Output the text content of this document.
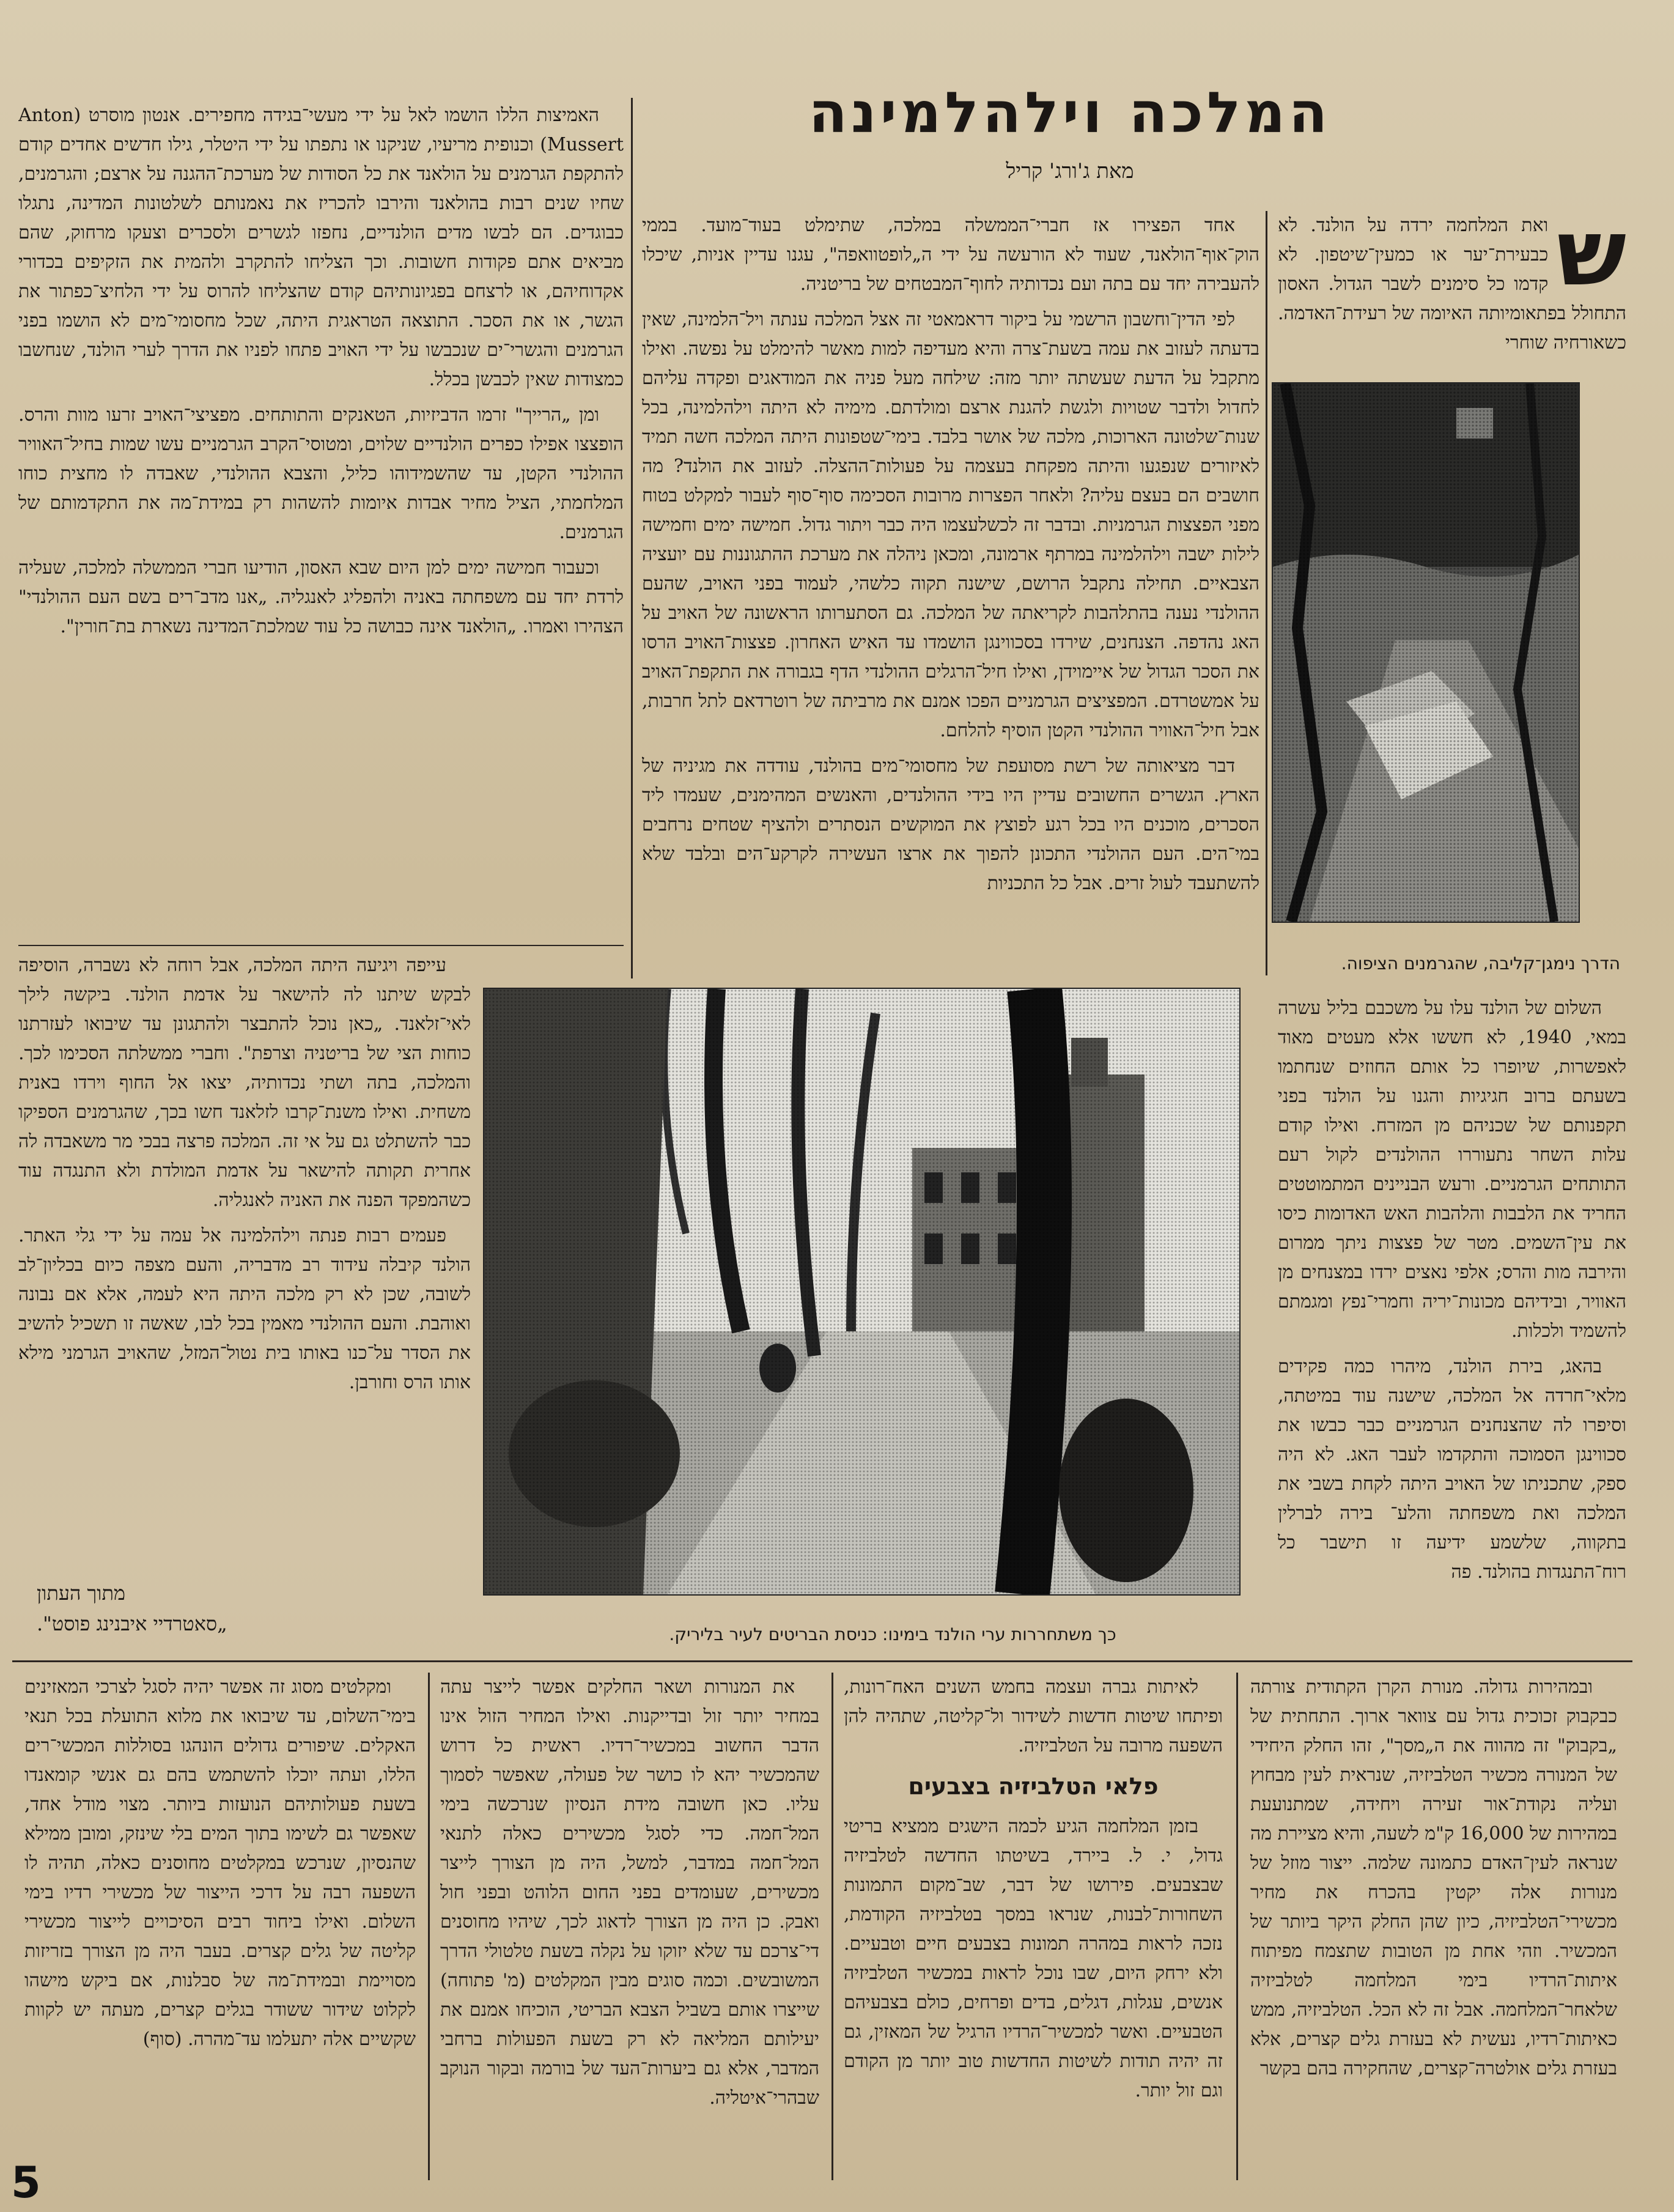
המלכה וילהלמינה
מאת ג'ורג' קריל
ש
ואת המלחמה ירדה על הולנד. לא כבעירת־יער או כמעין־שיטפון. לא קדמו כל סימנים לשבר הגדול. האסון התחולל בפתאומיותה האיומה של רעידת־האדמה. כשאורחיה שוחרי
הדרך נימגן־קליבה, שהגרמנים הציפוה.

השלום של הולנד עלו על משכבם בליל עשרה במאי, 1940, לא חששו אלא מעטים מאוד לאפשרות, שיופרו כל אותם החוזים שנחתמו בשעתם ברוב חגיגיות והגנו על הולנד בפני תקפנותם של שכניהם מן המזרח. ואילו קודם עלות השחר נתעוררו ההולנדים לקול רעם התותחים הגרמניים. ורעש הבניינים המתמוטטים החריד את הלבבות והלהבות האש האדומות כיסו את עין־השמים. מטר של פצצות ניתך ממרום והירבה מות והרס; אלפי נאצים ירדו במצנחים מן האוויר, ובידיהם מכונות־יריה וחמרי־נפץ ומגמתם להשמיד ולכלות.

בהאג, בירת הולנד, מיהרו כמה פקידים מלאי־חרדה אל המלכה, שישנה עוד במיטתה, וסיפרו לה שהצנחנים הגרמניים כבר כבשו את סכווינגן הסמוכה והתקדמו לעבר האג. לא היה ספק, שתכניתו של האויב היתה לקחת בשבי את המלכה ואת משפחתה והלע־ בירה לברלין בתקווה, שלשמע ידיעה זו תישבר כל רוח־התנגדות בהולנד. פה

אחד הפצירו אז חברי־הממשלה במלכה, שתימלט בעוד־מועד. בממי הוק־אוף־הולאנד, שעוד לא הורעשה על ידי ה„לופטוואפה", עגנו עדיין אניות, שיכלו להעבירה יחד עם בתה ועם נכדותיה לחוף־המבטחים של בריטניה.

לפי הדין־וחשבון הרשמי על ביקור דראמאטי זה אצל המלכה ענתה ויל־הלמינה, שאין בדעתה לעזוב את עמה בשעת־צרה והיא מעדיפה למות מאשר להימלט על נפשה. ואילו מתקבל על הדעת שעשתה יותר מזה: שילחה מעל פניה את המודאגים ופקדה עליהם לחדול ולדבר שטויות ולגשת להגנת ארצם ומולדתם. מימיה לא היתה וילהלמינה, בכל שנות־שלטונה הארוכות, מלכה של אושר בלבד. בימי־שטפונות היתה המלכה חשה תמיד לאיזורים שנפגעו והיתה מפקחת בעצמה על פעולות־ההצלה. לעזוב את הולנד? מה חושבים הם בעצם עליה? ולאחר הפצרות מרובות הסכימה סוף־סוף לעבור למקלט בטוח מפני הפצצות הגרמניות. ובדבר זה לכשלעצמו היה כבר ויתור גדול. חמישה ימים וחמישה לילות ישבה וילהלמינה במרתף ארמונה, ומכאן ניהלה את מערכת ההתגוננות עם יועציה הצבאיים. תחילה נתקבל הרושם, שישנה תקוה כלשהי, לעמוד בפני האויב, שהעם ההולנדי נענה בהתלהבות לקריאתה של המלכה. גם הסתערותו הראשונה של האויב על האג נהדפה. הצנחנים, שירדו בסכווינגן הושמדו עד האיש האחרון. פצצות־האויב הרסו את הסכר הגדול של איימוידן, ואילו חיל־הרגלים ההולנדי הדף בגבורה את התקפת־האויב על אמשטרדם. המפציצים הגרמניים הפכו אמנם את מרביתה של רוטרדאם לתל חרבות, אבל חיל־האוויר ההולנדי הקטן הוסיף להלחם.

דבר מציאותה של רשת מסועפת של מחסומי־מים בהולנד, עודדה את מגיניה של הארץ. הגשרים החשובים עדיין היו בידי ההולנדים, והאנשים המהימנים, שעמדו ליד הסכרים, מוכנים היו בכל רגע לפוצץ את המוקשים הנסתרים ולהציף שטחים נרחבים במי־הים. העם ההולנדי התכונן להפוך את ארצו העשירה לקרקע־הים ובלבד שלא להשתעבד לעול זרים. אבל כל התכניות

האמיצות הללו הושמו לאל על ידי מעשי־בגידה מחפירים. אנטון מוסרט (Anton Mussert) וכנופית מריעיו, שניקנו או נתפתו על ידי היטלר, גילו חדשים אחדים קודם להתקפת הגרמנים על הולאנד את כל הסודות של מערכת־ההגנה על ארצם; והגרמנים, שחיו שנים רבות בהולאנד והירבו להכריז את נאמנותם לשלטונות המדינה, נתגלו כבוגדים. הם לבשו מדים הולנדיים, נחפזו לגשרים ולסכרים וצעקו מרחוק, שהם מביאים אתם פקודות חשובות. וכך הצליחו להתקרב ולהמית את הזקיפים בכדורי אקדוחיהם, או לרצחם בפגיונותיהם קודם שהצליחו להרוס על ידי הלחיצ־כפתור את הגשר, או את הסכר. התוצאה הטראגית היתה, שכל מחסומי־מים לא הושמו בפני הגרמנים והגשרי־ים שנכבשו על ידי האויב פתחו לפניו את הדרך לערי הולנד, שנחשבו כמצודות שאין לכבשן בכלל.

ומן „הרייך" זרמו הדביזיות, הטאנקים והתותחים. מפציצי־האויב זרעו מוות והרס. הופצצו אפילו כפרים הולנדיים שלוים, ומטוסי־הקרב הגרמניים עשו שמות בחיל־האוויר ההולנדי הקטן, עד שהשמידוהו כליל, והצבא ההולנדי, שאבדה לו מחצית כוחו המלחמתי, הציל מחיר אבדות איומות להשהות רק במידת־מה את התקדמותם של הגרמנים.

וכעבור חמישה ימים למן היום שבא האסון, הודיעו חברי הממשלה למלכה, שעליה לרדת יחד עם משפחתה באניה ולהפליג לאנגליה. „אנו מדב־רים בשם העם ההולנדי" הצהירו ואמרו. „הולאנד אינה כבושה כל עוד שמלכת־המדינה נשארת בת־חורין".

עייפה ויגיעה היתה המלכה, אבל רוחה לא נשברה, הוסיפה לבקש שיתנו לה להישאר על אדמת הולנד. ביקשה לילך לאי־זלאנד. „כאן נוכל להתבצר ולהתגונן עד שיבואו לעזרתנו כוחות הצי של בריטניה וצרפת". וחברי ממשלתה הסכימו לכך. והמלכה, בתה ושתי נכדותיה, יצאו אל החוף וירדו באנית משחית. ואילו משנת־קרבו לזלאנד חשו בכך, שהגרמנים הספיקו כבר להשתלט גם על אי זה. המלכה פרצה בבכי מר משאבדה לה אחרית תקותה להישאר על אדמת המולדת ולא התנגדה עוד כשהמפקד הפנה את האניה לאנגליה.

פעמים רבות פנתה וילהלמינה אל עמה על ידי גלי האתר. הולנד קיבלה עידוד רב מדבריה, והעם מצפה כיום בכליון־לב לשובה, שכן לא רק מלכה היתה היא לעמה, אלא אם נבונה ואוהבת. והעם ההולנדי מאמין בכל לבו, שאשה זו תשכיל להשיב את הסדר על־כנו באותו בית נטול־המזל, שהאויב הגרמני מילא אותו הרס וחורבן.

מתוך העתון
„סאטרדיי איבנינג פוסט".	כך משתחררות ערי הולנד בימינו: כניסת הבריטים לעיר בליריק.

ובמהירות גדולה. מנורת הקרן הקתודית צורתה כבקבוק זכוכית גדול עם צוואר ארוך. התחתית של „בקבוק" זה מהווה את ה„מסך", זהו החלק היחידי של המנורה מכשיר הטלביזיה, שנראית לעין מבחוץ ועליה נקודת־אור זעירה ויחידה, שמתנועעת במהירות של 16,000 ק"מ לשעה, והיא מציירת מה שנראה לעין־האדם כתמונה שלמה. ייצור מוזל של מנורות אלה יקטין בהכרח את מחיר מכשירי־הטלביזיה, כיון שהן החלק היקר ביותר של המכשיר. וזהי אחת מן הטובות שתצמח מפיתוח איתות־הרדיו בימי המלחמה לטלביזיה שלאחר־המלחמה. אבל זה לא הכל. הטלביזיה, ממש כאיתות־רדיו, נעשית לא בעזרת גלים קצרים, אלא בעזרת גלים אולטרה־קצרים, שהחקירה בהם בקשר

לאיתות גברה ועצמה בחמש השנים האח־רונות, ופיתחו שיטות חדשות לשידור ול־קליטה, שתהיה להן השפעה מרובה על הטלביזיה.

פלאי הטלביזיה בצבעים

בזמן המלחמה הגיע לכמה הישגים ממציא בריטי גדול, י. ל. ביירד, בשיטתו החדשה לטלביזיה שבצבעים. פירושו של דבר, שב־מקום התמונות השחורות־לבנות, שנראו במסך בטלביזיה הקודמת, נזכה לראות במהרה תמונות בצבעים חיים וטבעיים. ולא ירחק היום, שבו נוכל לראות במכשיר הטלביזיה אנשים, עגלות, דגלים, בדים ופרחים, כולם בצבעיהם הטבעיים. ואשר למכשיר־הרדיו הרגיל של המאזין, גם זה יהיה תודות לשיטות החדשות טוב יותר מן הקודם וגם זול יותר.

את המנורות ושאר החלקים אפשר לייצר עתה במחיר יותר זול ובדייקנות. ואילו המחיר הזול אינו הדבר החשוב במכשיר־רדיו. ראשית כל דרוש שהמכשיר יהא לו כושר של פעולה, שאפשר לסמוך עליו. כאן חשובה מידת הנסיון שנרכשה בימי המל־חמה. כדי לסגל מכשירים כאלה לתנאי המל־חמה במדבר, למשל, היה מן הצורך לייצר מכשירים, שעומדים בפני החום הלוהט ובפני חול ואבק. כן היה מן הצורך לדאוג לכך, שיהיו מחוסנים די־צרכם עד שלא יזוקו על נקלה בשעת טלטולי הדרך המשובשים. וכמה סוגים מבין המקלטים (מ' פתוחה) שייצרו אותם בשביל הצבא הבריטי, הוכיחו אמנם את יעילותם המליאה לא רק בשעת הפעולות ברחבי המדבר, אלא גם ביערות־העד של בורמה ובקור הנוקב שבהרי־איטליה.

ומקלטים מסוג זה אפשר יהיה לסגל לצרכי המאזינים בימי־השלום, עד שיבואו את מלוא התועלת בכל תנאי האקלים. שיפורים גדולים הונהגו בסוללות המכשי־רים הללו, ועתה יוכלו להשתמש בהם גם אנשי קומאנדו בשעת פעולותיהם הנועזות ביותר. מצוי מודל אחד, שאפשר גם לשימו בתוך המים בלי שינזק, ומובן ממילא שהנסיון, שנרכש במקלטים מחוסנים כאלה, תהיה לו השפעה רבה על דרכי הייצור של מכשירי רדיו בימי השלום. ואילו ביחוד רבים הסיכויים לייצור מכשירי קליטה של גלים קצרים. בעבר היה מן הצורך בזריזות מסויימת ובמידת־מה של סבלנות, אם ביקש מישהו לקלוט שידור ששודר בגלים קצרים, מעתה יש לקוות שקשיים אלה יתעלמו עד־מהרה. (סוף)

5
